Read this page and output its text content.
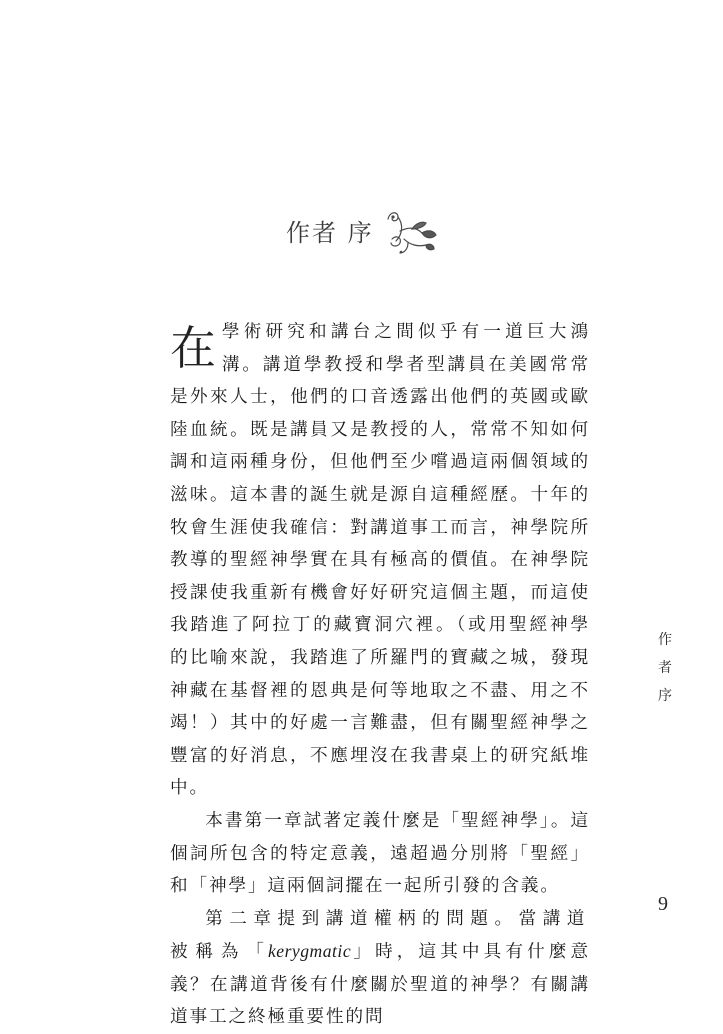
作者 序

在學術研究和講台之間似乎有一道巨大鴻溝。講道學教授和學者型講員在美國常常是外來人士，他們的口音透露出他們的英國或歐陸血統。既是講員又是教授的人，常常不知如何調和這兩種身份，但他們至少嚐過這兩個領域的滋味。這本書的誕生就是源自這種經歷。十年的牧會生涯使我確信：對講道事工而言，神學院所教導的聖經神學實在具有極高的價值。在神學院授課使我重新有機會好好研究這個主題，而這使我踏進了阿拉丁的藏寶洞穴裡。（或用聖經神學的比喻來說，我踏進了所羅門的寶藏之城，發現神藏在基督裡的恩典是何等地取之不盡、用之不竭！）其中的好處一言難盡，但有關聖經神學之豐富的好消息，不應埋沒在我書桌上的研究紙堆中。

本書第一章試著定義什麼是「聖經神學」。這個詞所包含的特定意義，遠超過分別將「聖經」和「神學」這兩個詞擺在一起所引發的含義。

第二章提到講道權柄的問題。當講道被稱為「kerygmatic」時，這其中具有什麼意義？在講道背後有什麼關於聖道的神學？有關講道事工之終極重要性的問

作
者
序
9
